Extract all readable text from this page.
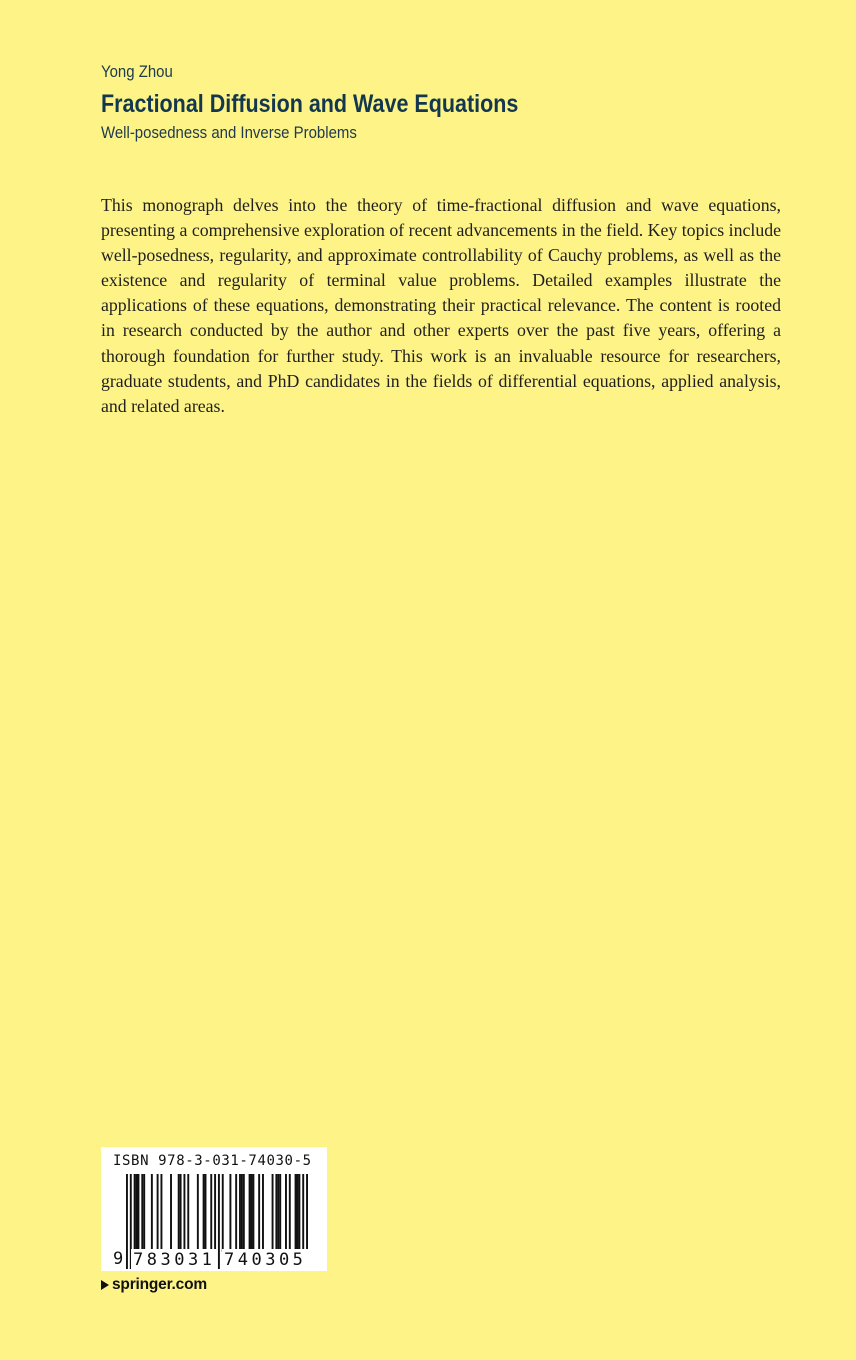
Yong Zhou
Fractional Diffusion and Wave Equations
Well-posedness and Inverse Problems

This monograph delves into the theory of time-fractional diffusion and wave equations, presenting a comprehensive exploration of recent advancements in the field. Key topics include well-posedness, regularity, and approximate controllability of Cauchy problems, as well as the existence and regularity of terminal value problems. Detailed examples illustrate the applications of these equations, demonstrating their practical relevance. The content is rooted in research conducted by the author and other experts over the past five years, offering a thorough foundation for further study. This work is an invaluable resource for researchers, graduate students, and PhD candidates in the fields of differential equations, applied analysis, and related areas.

ISBN 978-3-031-74030-5
9 783031 740305
springer.com
